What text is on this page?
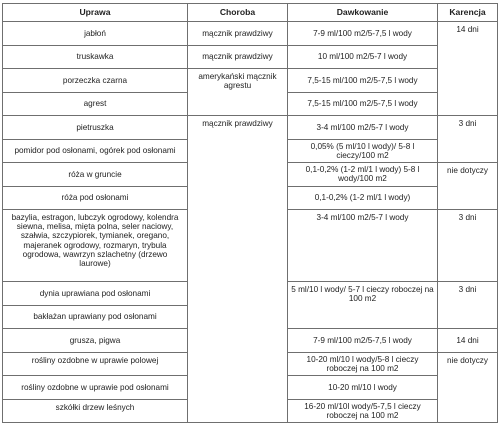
Uprawa	Choroba	Dawkowanie	Karencja
jabłoń	mącznik prawdziwy	7-9 ml/100 m2/5-7,5 l wody	14 dni
truskawka	mącznik prawdziwy	10 ml/100 m2/5-7 l wody	
porzeczka czarna	amerykański mącznik agrestu	7,5-15 ml/100 m2/5-7,5 l wody	
agrest		7,5-15 ml/100 m2/5-7,5 l wody	
pietruszka	mącznik prawdziwy	3-4 ml/100 m2/5-7 l wody	3 dni
pomidor pod osłonami, ogórek pod osłonami		0,05% (5 ml/10 l wody)/ 5-8 l cieczy/100 m2	
róża w gruncie		0,1-0,2% (1-2 ml/1 l wody) 5-8 l wody/100 m2	nie dotyczy
róża pod osłonami		0,1-0,2% (1-2 ml/1 l wody)	
bazylia, estragon, lubczyk ogrodowy, kolendra siewna, melisa, mięta polna, seler naciowy, szałwia, szczypiorek, tymianek, oregano, majeranek ogrodowy, rozmaryn, trybula ogrodowa, wawrzyn szlachetny (drzewo laurowe)		3-4 ml/100 m2/5-7 l wody	3 dni
dynia uprawiana pod osłonami		5 ml/10 l wody/ 5-7 l cieczy roboczej na 100 m2	3 dni
bakłażan uprawiany pod osłonami			
grusza, pigwa		7-9 ml/100 m2/5-7,5 l wody	14 dni
rośliny ozdobne w uprawie polowej		10-20 ml/10 l wody/5-8 l cieczy roboczej na 100 m2	nie dotyczy
rośliny ozdobne w uprawie pod osłonami		10-20 ml/10 l wody	
szkółki drzew leśnych		16-20 ml/10l wody/5-7,5 l cieczy roboczej na 100 m2	
